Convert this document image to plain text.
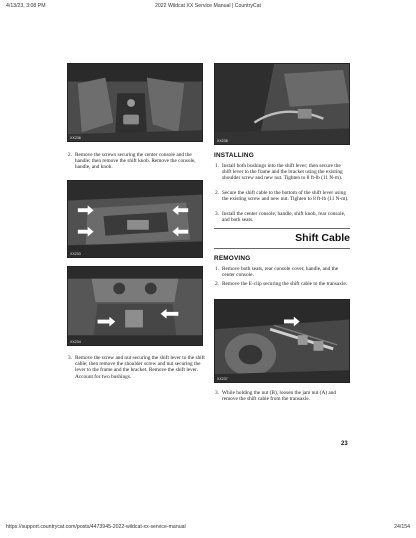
4/13/23, 3:08 PM	2022 Wildcat XX Service Manual | CountryCat
XX236
2. Remove the screws securing the center console and the handle; then remove the shift knob. Remove the console, handle, and knob.
XX233
XX234
3. Remove the screw and nut securing the shift lever to the shift cable; then remove the shoulder screw and nut securing the lever to the frame and the bracket. Remove the shift lever. Account for two bushings.
XX238
INSTALLING
1. Install both bushings into the shift lever; then secure the shift lever to the frame and the bracket using the existing shoulder screw and new nut. Tighten to 8 ft-lb (11 N-m).
2. Secure the shift cable to the bottom of the shift lever using the existing screw and new nut. Tighten to 8 ft-lb (11 N-m).
3. Install the center console, handle, shift knob, rear console, and both seats.
Shift Cable
REMOVING
1. Remove both seats, rear console cover, handle, and the center console.
2. Remove the E-clip securing the shift cable to the transaxle.
XX237
3. While holding the nut (B), loosen the jam nut (A) and remove the shift cable from the transaxle.
23
https://support.countrycat.com/posts/4473945-2022-wildcat-xx-service-manual	24/154
